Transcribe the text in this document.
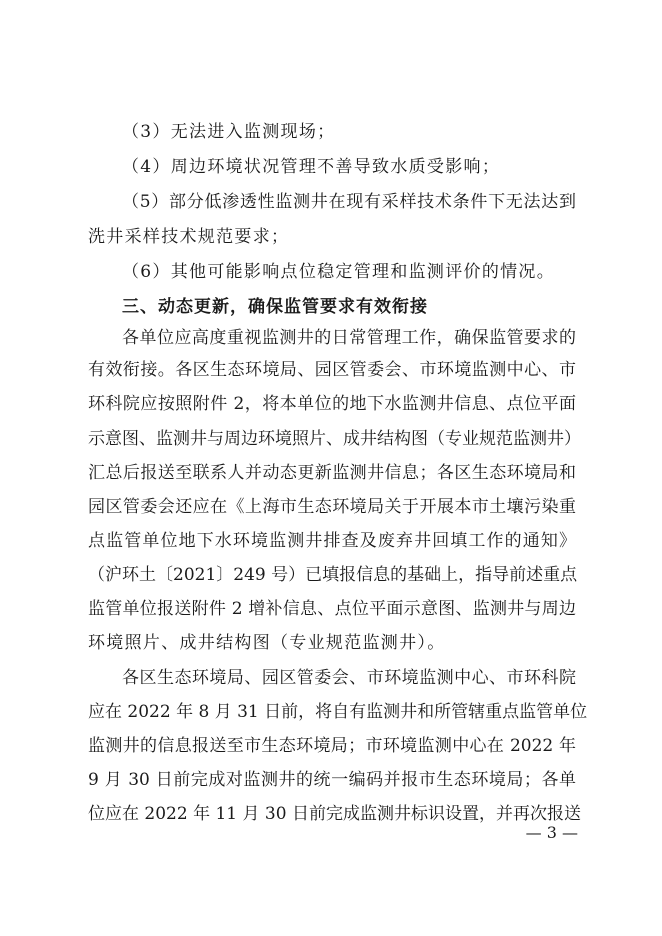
（3）无法进入监测现场；
（4）周边环境状况管理不善导致水质受影响；
（5）部分低渗透性监测井在现有采样技术条件下无法达到
洗井采样技术规范要求；
（6）其他可能影响点位稳定管理和监测评价的情况。
三、动态更新，确保监管要求有效衔接
各单位应高度重视监测井的日常管理工作，确保监管要求的
有效衔接。各区生态环境局、园区管委会、市环境监测中心、市
环科院应按照附件 2，将本单位的地下水监测井信息、点位平面
示意图、监测井与周边环境照片、成井结构图（专业规范监测井）
汇总后报送至联系人并动态更新监测井信息；各区生态环境局和
园区管委会还应在《上海市生态环境局关于开展本市土壤污染重
点监管单位地下水环境监测井排查及废弃井回填工作的通知》
（沪环土〔2021〕249 号）已填报信息的基础上，指导前述重点
监管单位报送附件 2 增补信息、点位平面示意图、监测井与周边
环境照片、成井结构图（专业规范监测井）。
各区生态环境局、园区管委会、市环境监测中心、市环科院
应在 2022 年 8 月 31 日前，将自有监测井和所管辖重点监管单位
监测井的信息报送至市生态环境局；市环境监测中心在 2022 年
9 月 30 日前完成对监测井的统一编码并报市生态环境局；各单
位应在 2022 年 11 月 30 日前完成监测井标识设置，并再次报送
— 3 —
